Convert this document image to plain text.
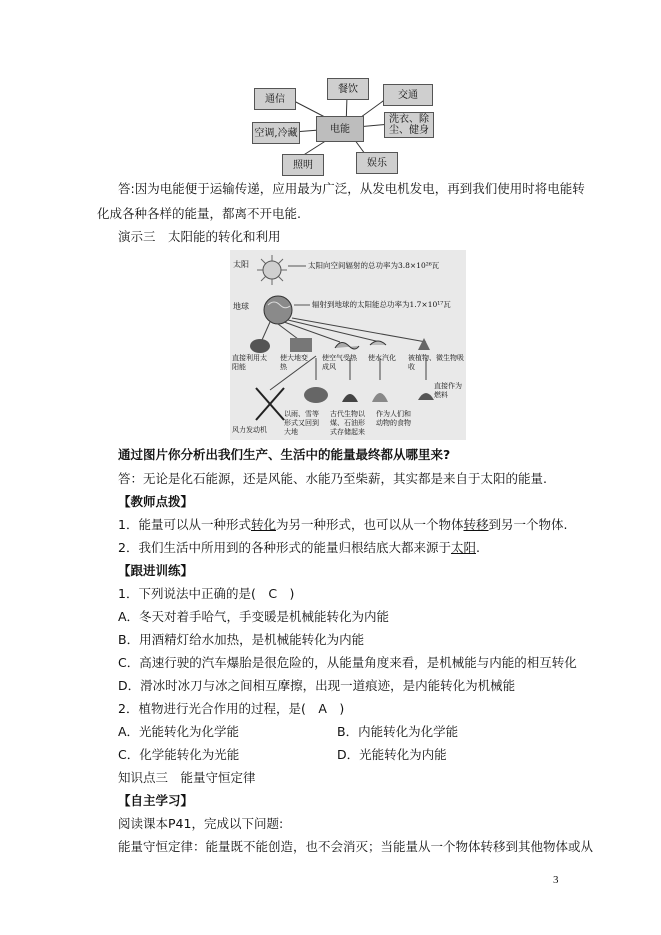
通信
餐饮
交通
空调,冷藏	电能
洗衣、除尘、健身
照明	娱乐
答:因为电能便于运输传递，应用最为广泛，从发电机发电，再到我们使用时将电能转
化成各种各样的能量，都离不开电能.
演示三　太阳能的转化和利用
太阳	太阳向空间辐射的总功率为3.8×10²⁶瓦
地球	辐射到地球的太阳能总功率为1.7×10¹⁷瓦
直接利用太阳能
使大地变热
使空气受热成风
使水汽化 被植物、微生物吸收
风力发动机
以雨、雪等形式又回到大地
古代生物以煤、石油形式存储起来
作为人们和动物的食物
直接作为燃料
通过图片你分析出我们生产、生活中的能量最终都从哪里来?
答：无论是化石能源，还是风能、水能乃至柴薪，其实都是来自于太阳的能量.
【教师点拨】
1．能量可以从一种形式转化为另一种形式，也可以从一个物体转移到另一个物体.
2．我们生活中所用到的各种形式的能量归根结底大都来源于太阳.
【跟进训练】
1．下列说法中正确的是(　C　)
A．冬天对着手哈气，手变暖是机械能转化为内能
B．用酒精灯给水加热，是机械能转化为内能
C．高速行驶的汽车爆胎是很危险的，从能量角度来看，是机械能与内能的相互转化
D．滑冰时冰刀与冰之间相互摩擦，出现一道痕迹，是内能转化为机械能
2．植物进行光合作用的过程，是(　A　)
A．光能转化为化学能	B．内能转化为化学能
C．化学能转化为光能	D．光能转化为内能
知识点三　能量守恒定律
【自主学习】
阅读课本P41，完成以下问题:
能量守恒定律：能量既不能创造，也不会消灭；当能量从一个物体转移到其他物体或从
3
